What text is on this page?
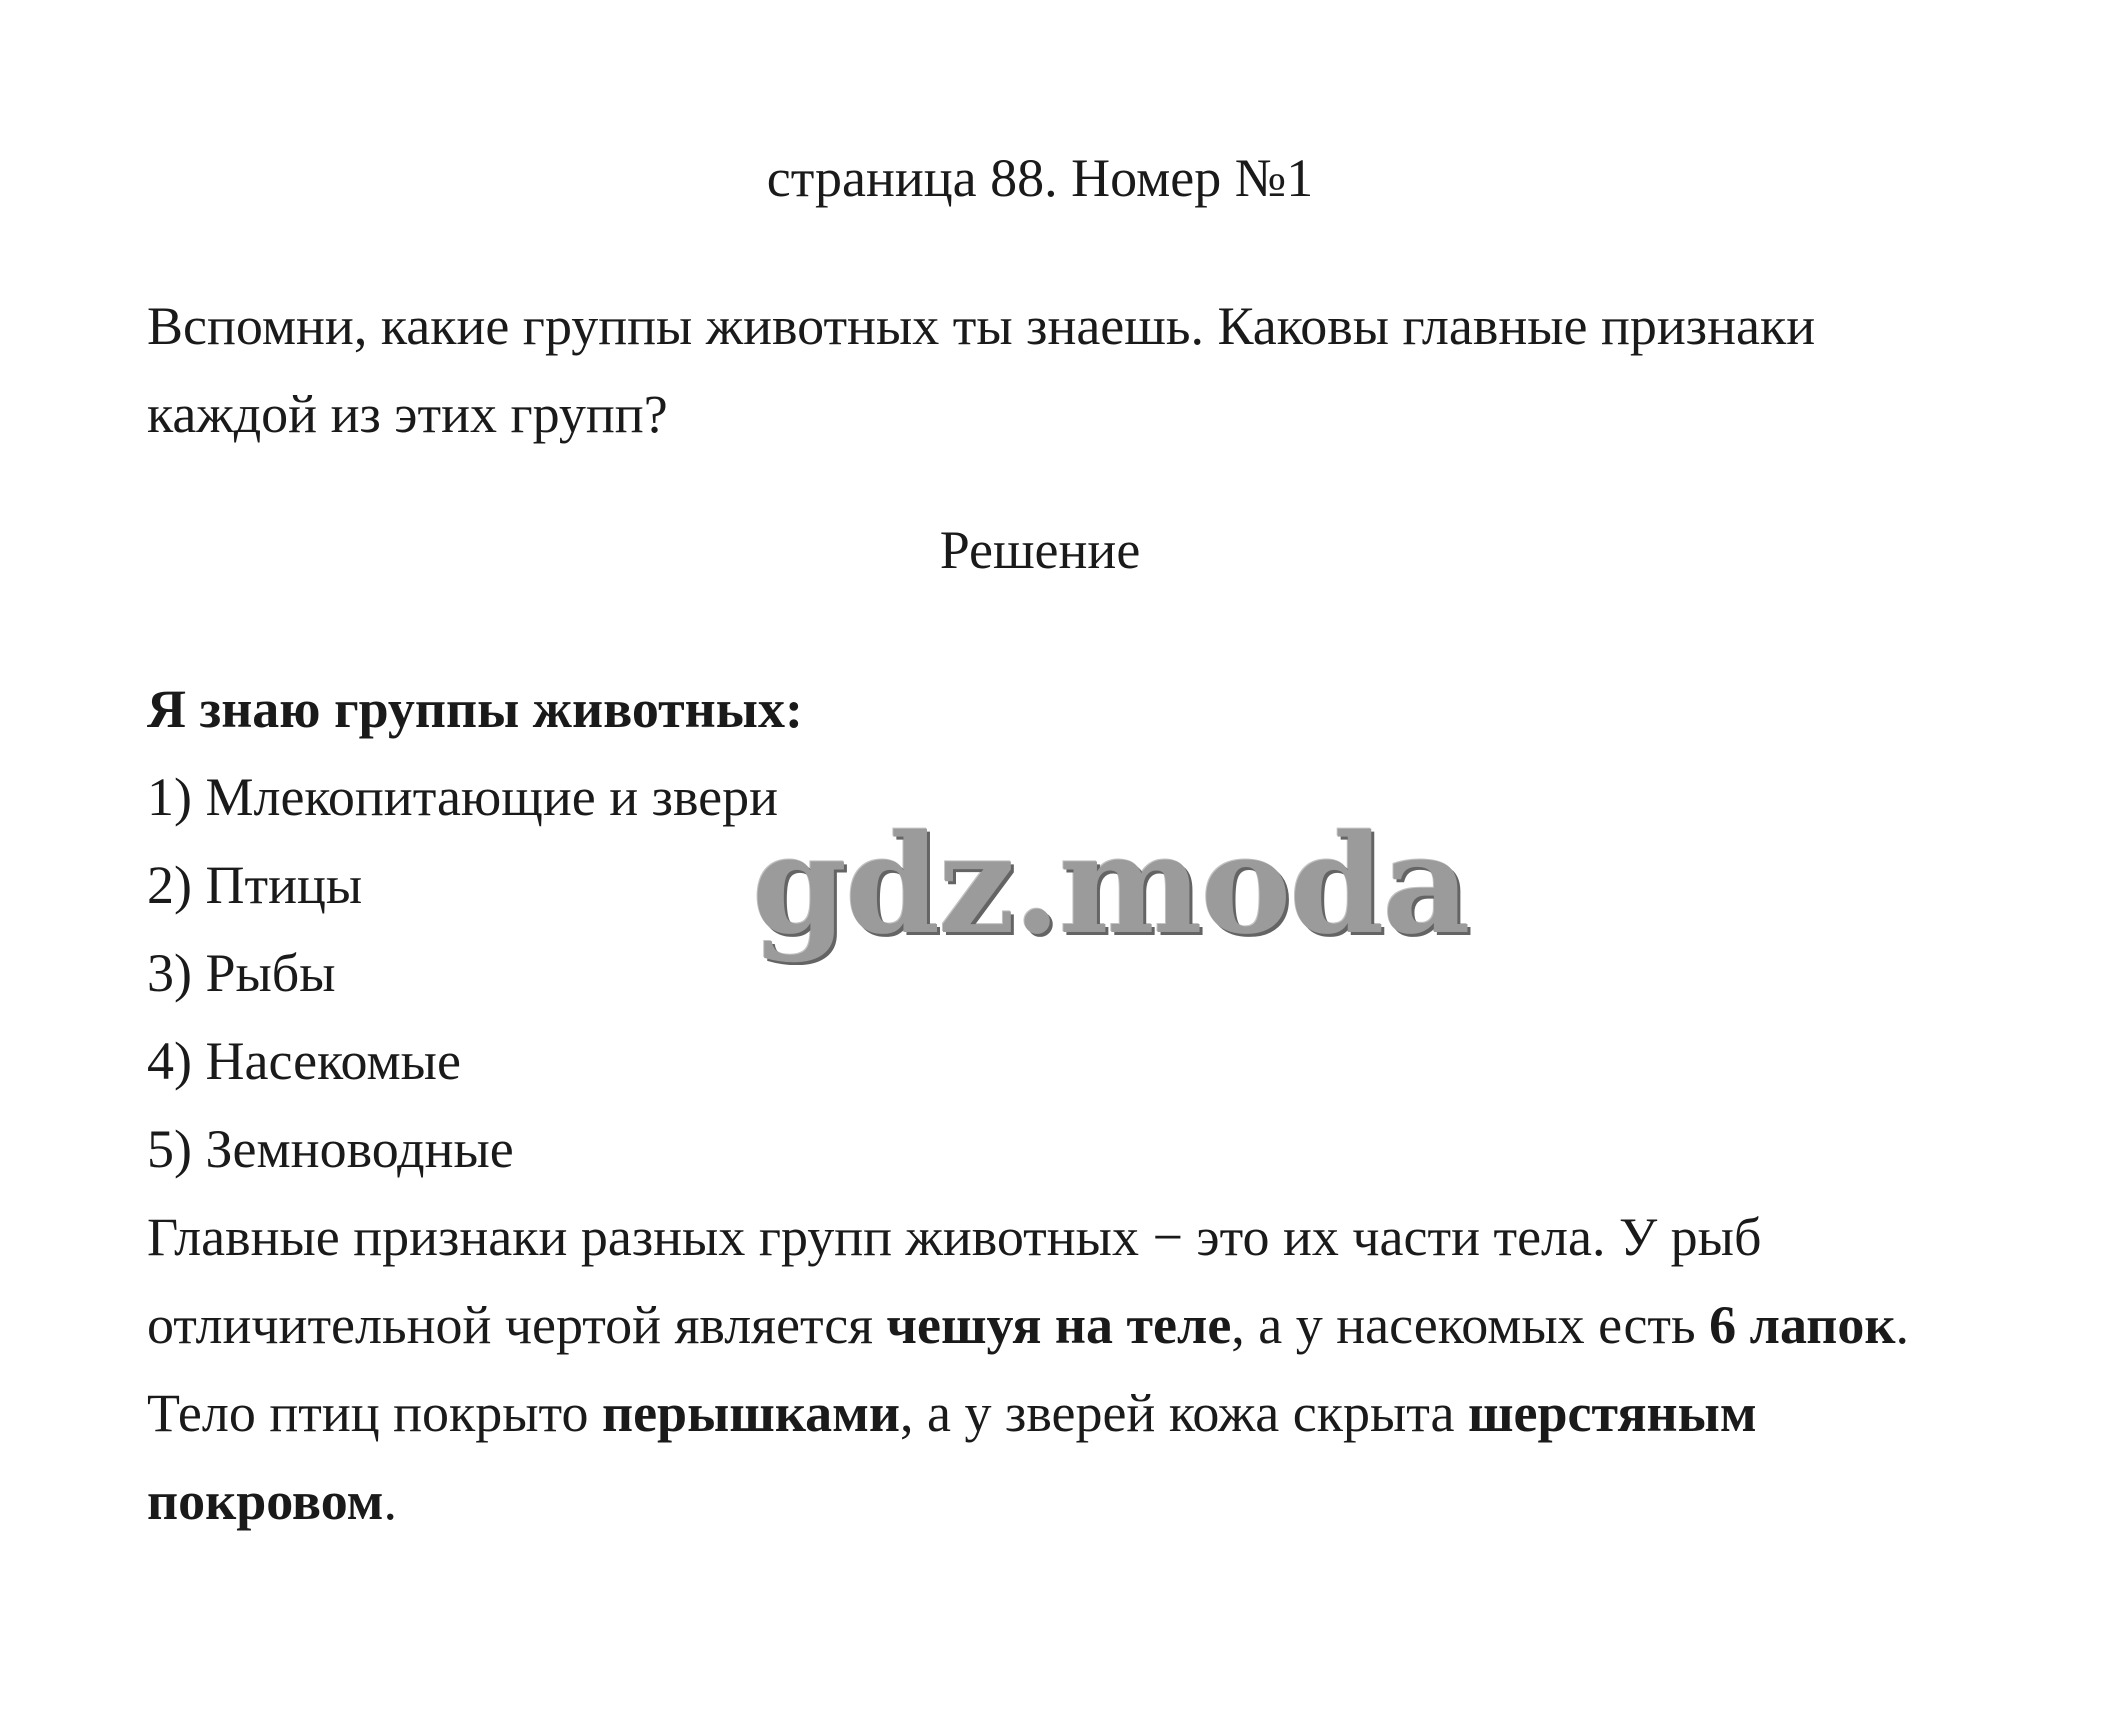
страница 88. Номер №1
Вспомни, какие группы животных ты знаешь. Каковы главные признаки каждой из этих групп?
Решение
Я знаю группы животных:
1) Млекопитающие и звери
2) Птицы
3) Рыбы
4) Насекомые
5) Земноводные
Главные признаки разных групп животных − это их части тела. У рыб отличительной чертой является чешуя на теле, а у насекомых есть 6 лапок. Тело птиц покрыто перышками, а у зверей кожа скрыта шерстяным покровом.
gdz.moda
